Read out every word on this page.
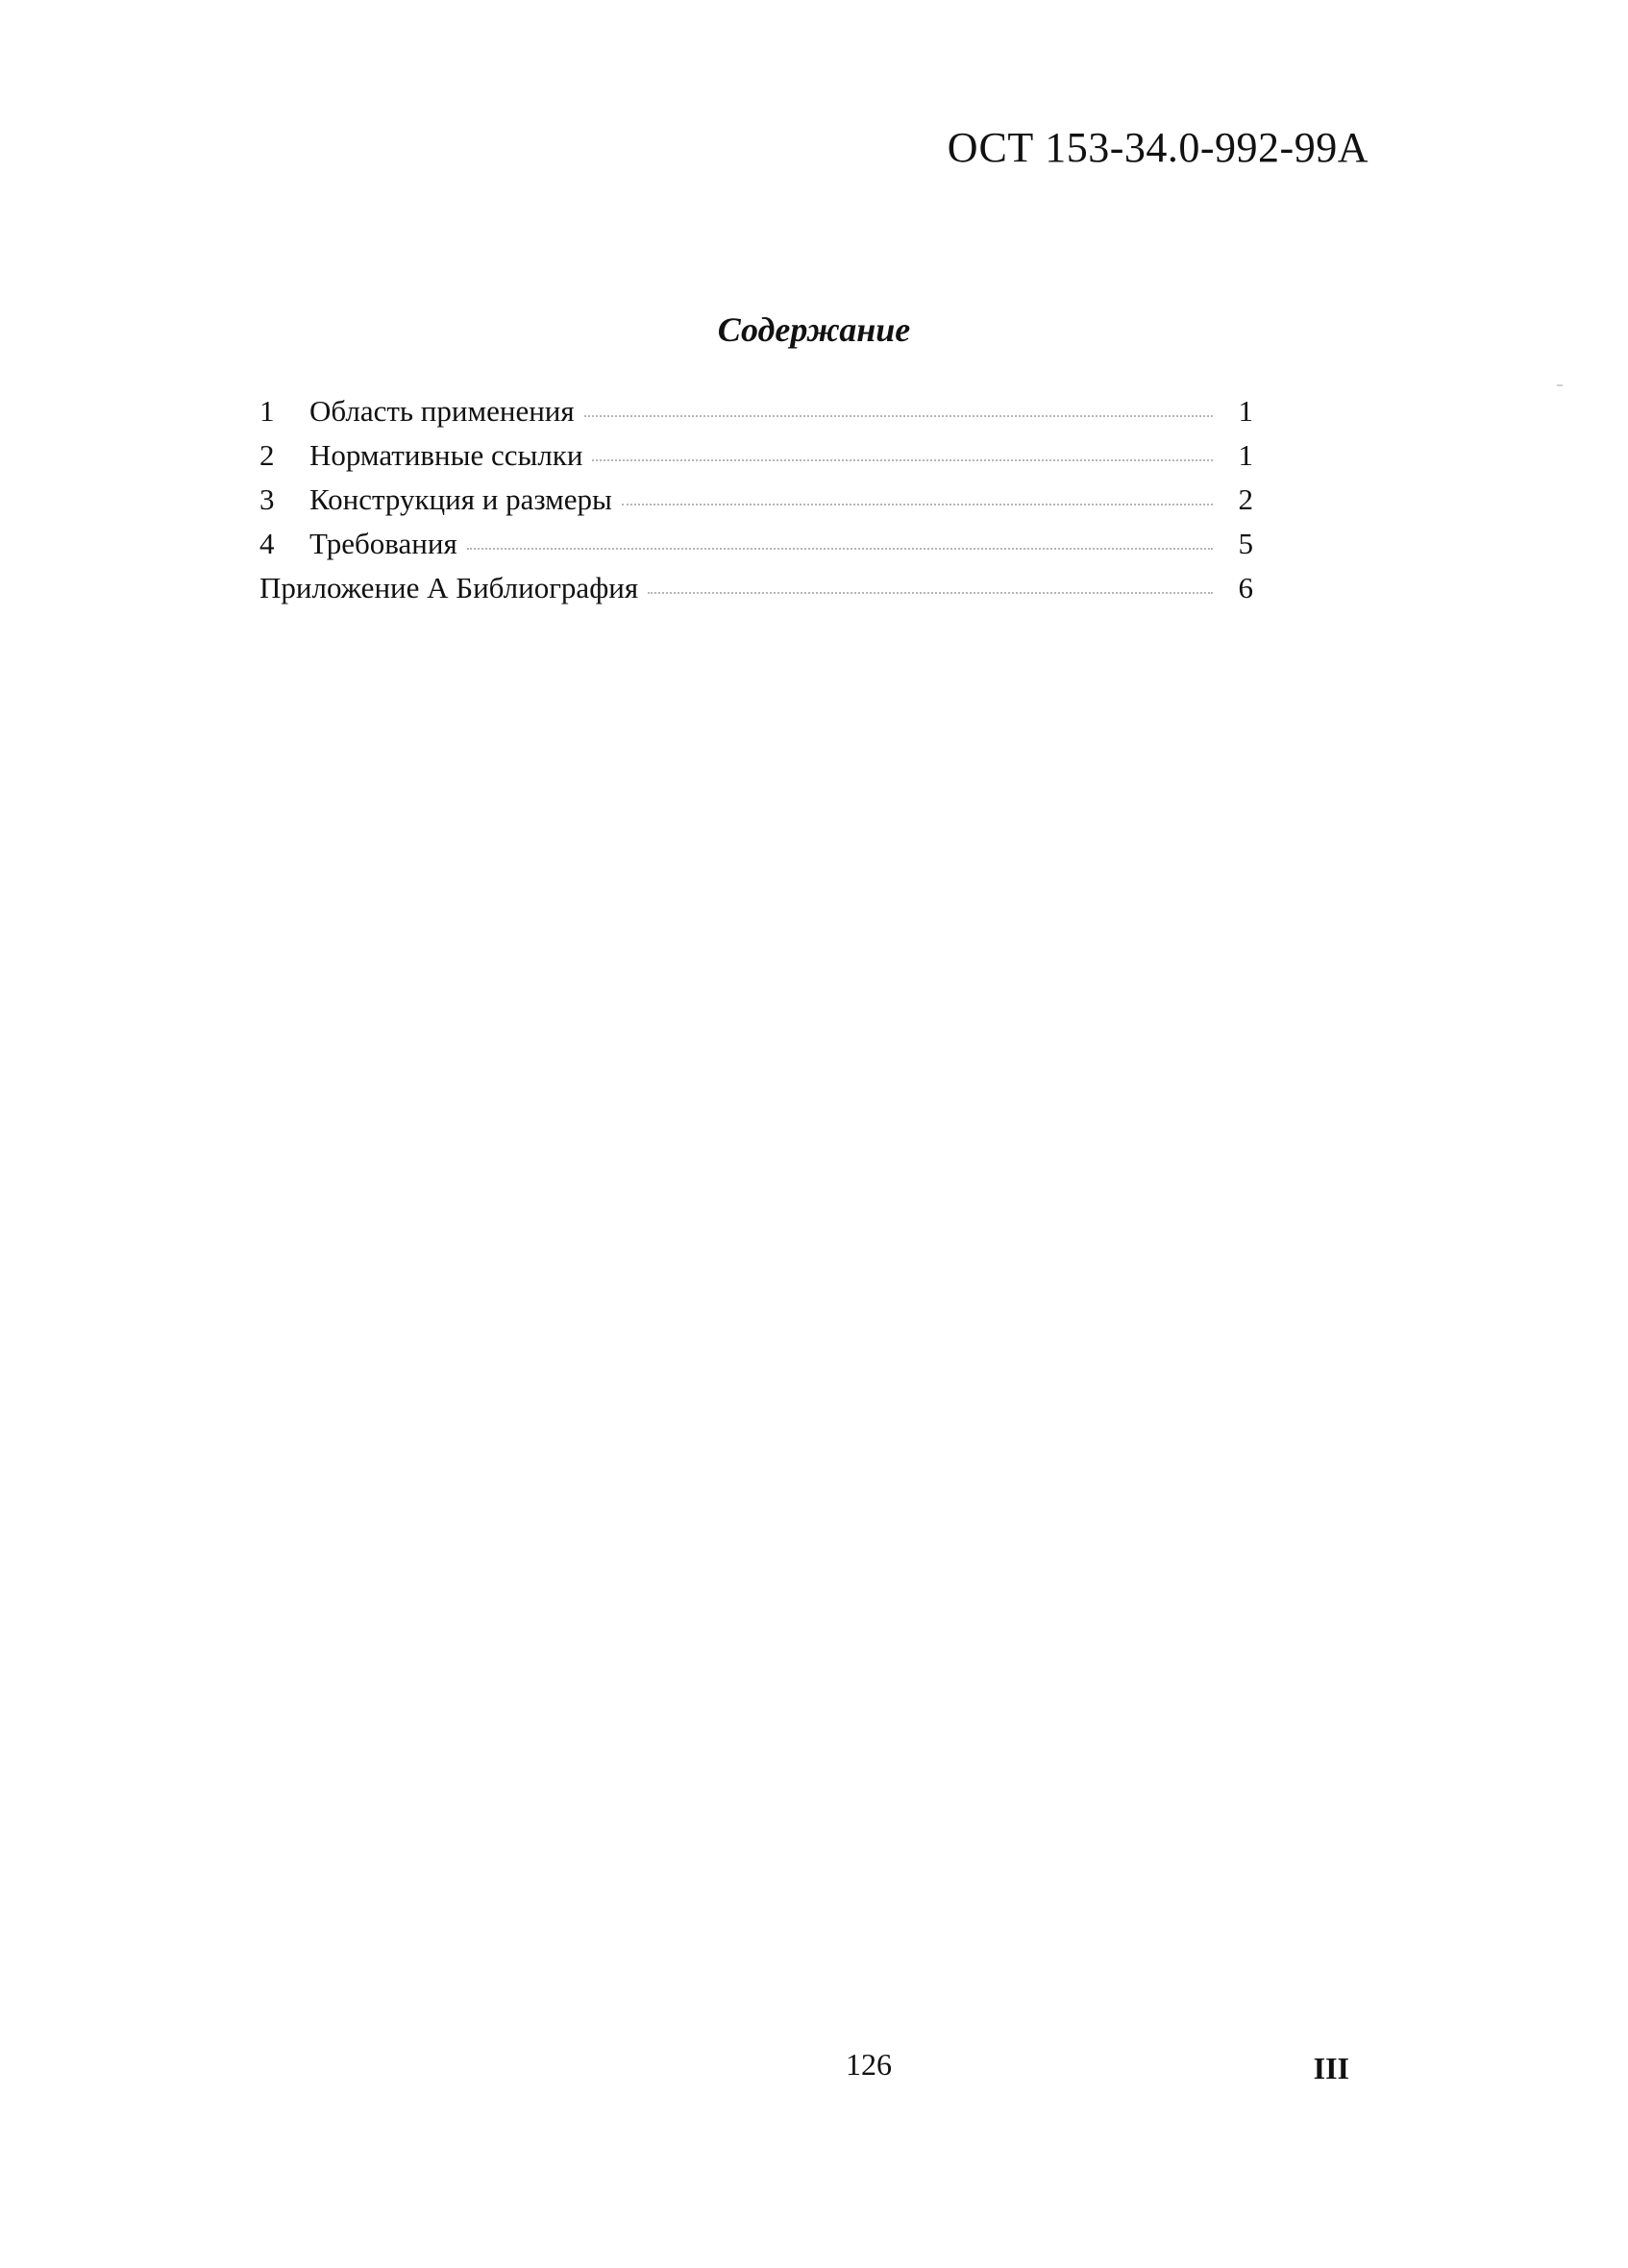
ОСТ 153-34.0-992-99А
Содержание
1	Область применения	1
2	Нормативные ссылки	1
3	Конструкция и размеры	2
4	Требования	5
Приложение А Библиография	6
126	III
